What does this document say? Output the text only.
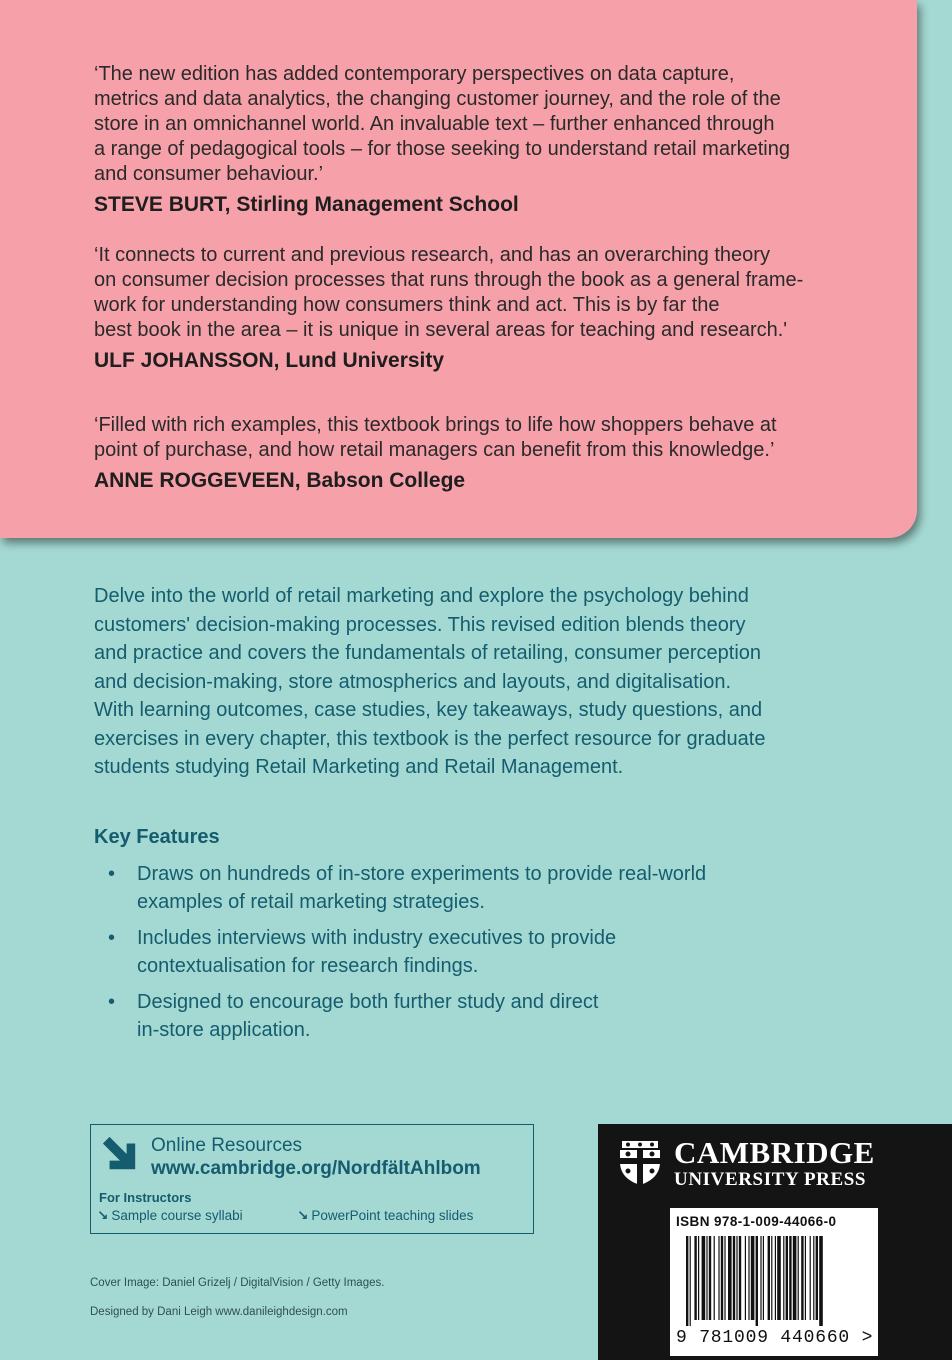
‘The new edition has added contemporary perspectives on data capture,
metrics and data analytics, the changing customer journey, and the role of the
store in an omnichannel world. An invaluable text – further enhanced through
a range of pedagogical tools – for those seeking to understand retail marketing
and consumer behaviour.’

STEVE BURT, Stirling Management School

‘It connects to current and previous research, and has an overarching theory
on consumer decision processes that runs through the book as a general frame-
work for understanding how consumers think and act. This is by far the
best book in the area – it is unique in several areas for teaching and research.'

ULF JOHANSSON, Lund University

‘Filled with rich examples, this textbook brings to life how shoppers behave at
point of purchase, and how retail managers can benefit from this knowledge.’

ANNE ROGGEVEEN, Babson College

Delve into the world of retail marketing and explore the psychology behind
customers' decision-making processes. This revised edition blends theory
and practice and covers the fundamentals of retailing, consumer perception
and decision-making, store atmospherics and layouts, and digitalisation.
With learning outcomes, case studies, key takeaways, study questions, and
exercises in every chapter, this textbook is the perfect resource for graduate
students studying Retail Marketing and Retail Management.

Key Features
• Draws on hundreds of in-store experiments to provide real-world
examples of retail marketing strategies.
• Includes interviews with industry executives to provide
contextualisation for research findings.
• Designed to encourage both further study and direct
in-store application.
Online Resources
www.cambridge.org/NordfältAhlbom
For Instructors
↘ Sample course syllabi	↘ PowerPoint teaching slides
Cover Image: Daniel Grizelj / DigitalVision / Getty Images.
Designed by Dani Leigh www.danileighdesign.com
CAMBRIDGE
UNIVERSITY PRESS
ISBN 978-1-009-44066-0
9 781009 440660 >
